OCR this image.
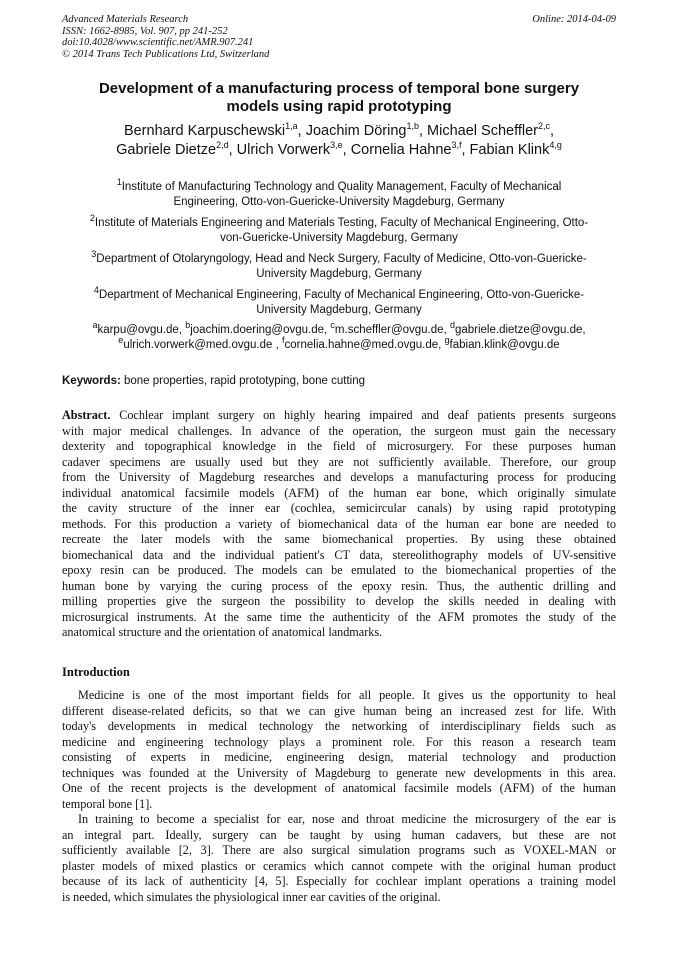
Advanced Materials Research
ISSN: 1662-8985, Vol. 907, pp 241-252
doi:10.4028/www.scientific.net/AMR.907.241
© 2014 Trans Tech Publications Ltd, Switzerland
Online: 2014-04-09
Development of a manufacturing process of temporal bone surgery
models using rapid prototyping
Bernhard Karpuschewski$^{1,a}$, Joachim Döring$^{1,b}$, Michael Scheffler$^{2,c}$,
Gabriele Dietze$^{2,d}$, Ulrich Vorwerk$^{3,e}$, Cornelia Hahne$^{3,f}$, Fabian Klink$^{4,g}$
$^1$Institute of Manufacturing Technology and Quality Management, Faculty of Mechanical
Engineering, Otto-von-Guericke-University Magdeburg, Germany
$^2$Institute of Materials Engineering and Materials Testing, Faculty of Mechanical Engineering, Otto-
von-Guericke-University Magdeburg, Germany
$^3$Department of Otolaryngology, Head and Neck Surgery, Faculty of Medicine, Otto-von-Guericke-
University Magdeburg, Germany
$^4$Department of Mechanical Engineering, Faculty of Mechanical Engineering, Otto-von-Guericke-
University Magdeburg, Germany
$^a$karpu@ovgu.de, $^b$joachim.doering@ovgu.de, $^c$m.scheffler@ovgu.de, $^d$gabriele.dietze@ovgu.de,
$^e$ulrich.vorwerk@med.ovgu.de , $^f$cornelia.hahne@med.ovgu.de, $^g$fabian.klink@ovgu.de
Keywords: bone properties, rapid prototyping, bone cutting
Abstract. Cochlear implant surgery on highly hearing impaired and deaf patients presents surgeons
with major medical challenges. In advance of the operation, the surgeon must gain the necessary
dexterity and topographical knowledge in the field of microsurgery. For these purposes human
cadaver specimens are usually used but they are not sufficiently available. Therefore, our group
from the University of Magdeburg researches and develops a manufacturing process for producing
individual anatomical facsimile models (AFM) of the human ear bone, which originally simulate
the cavity structure of the inner ear (cochlea, semicircular canals) by using rapid prototyping
methods. For this production a variety of biomechanical data of the human ear bone are needed to
recreate the later models with the same biomechanical properties. By using these obtained
biomechanical data and the individual patient's CT data, stereolithography models of UV-sensitive
epoxy resin can be produced. The models can be emulated to the biomechanical properties of the
human bone by varying the curing process of the epoxy resin. Thus, the authentic drilling and
milling properties give the surgeon the possibility to develop the skills needed in dealing with
microsurgical instruments. At the same time the authenticity of the AFM promotes the study of the
anatomical structure and the orientation of anatomical landmarks.
Introduction
Medicine is one of the most important fields for all people. It gives us the opportunity to heal
different disease-related deficits, so that we can give human being an increased zest for life. With
today's developments in medical technology the networking of interdisciplinary fields such as
medicine and engineering technology plays a prominent role. For this reason a research team
consisting of experts in medicine, engineering design, material technology and production
techniques was founded at the University of Magdeburg to generate new developments in this area.
One of the recent projects is the development of anatomical facsimile models (AFM) of the human
temporal bone [1].
In training to become a specialist for ear, nose and throat medicine the microsurgery of the ear is
an integral part. Ideally, surgery can be taught by using human cadavers, but these are not
sufficiently available [2, 3]. There are also surgical simulation programs such as VOXEL-MAN or
plaster models of mixed plastics or ceramics which cannot compete with the original human product
because of its lack of authenticity [4, 5]. Especially for cochlear implant operations a training model
is needed, which simulates the physiological inner ear cavities of the original.
